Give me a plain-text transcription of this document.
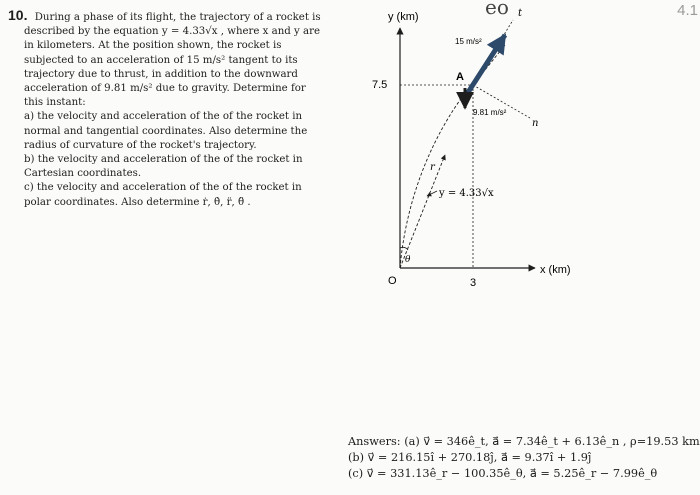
10. During a phase of its flight, the trajectory of a rocket is
described by the equation y = 4.33√x , where x and y are
in kilometers. At the position shown, the rocket is
subjected to an acceleration of 15 m/s² tangent to its
trajectory due to thrust, in addition to the downward
acceleration of 9.81 m/s² due to gravity. Determine for
this instant:
a) the velocity and acceleration of the of the rocket in
normal and tangential coordinates. Also determine the
radius of curvature of the rocket's trajectory.
b) the velocity and acceleration of the of the rocket in
Cartesian coordinates.
c) the velocity and acceleration of the of the rocket in
polar coordinates. Also determine ṙ, θ̇, r̈, θ̈ .
y (km)
x (km)
O	3
7.5
A
15 m/s²
9.81 m/s²
t
n
r
θ
y = 4.33√x
eo	4.1
Answers: (a) v⃗ = 346ê_t, a⃗ = 7.34ê_t + 6.13ê_n , ρ=19.53 km
(b) v⃗ = 216.15î + 270.18ĵ, a⃗ = 9.37î + 1.9ĵ
(c) v⃗ = 331.13ê_r − 100.35ê_θ, a⃗ = 5.25ê_r − 7.99ê_θ
